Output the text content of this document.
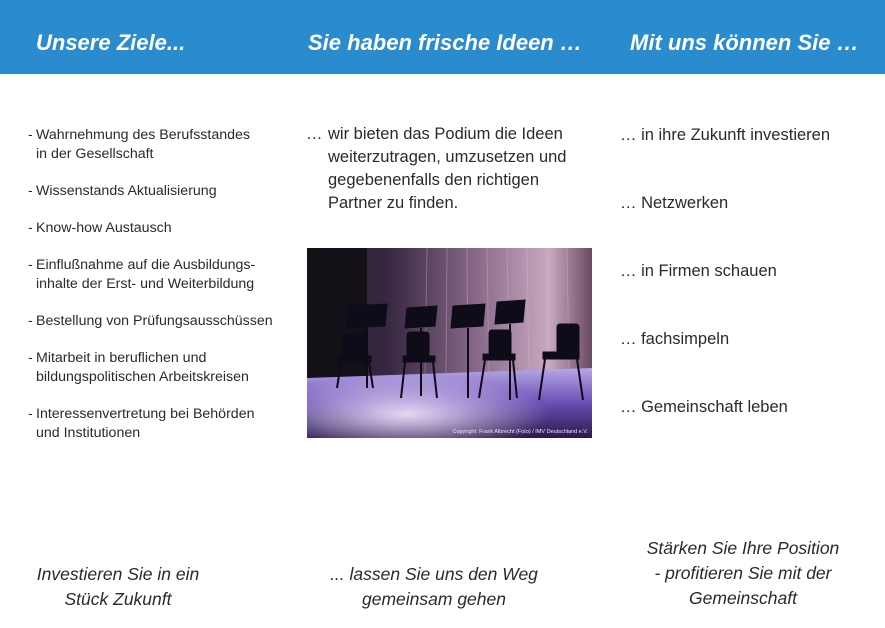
Unsere Ziele...	Sie haben frische Ideen … Mit uns können Sie …
- Wahrnehmung des Berufsstandes
in der Gesellschaft
- Wissenstands Aktualisierung
- Know-how Austausch
- Einflußnahme auf die Ausbildungs-
inhalte der Erst- und Weiterbildung
- Bestellung von Prüfungsausschüssen
- Mitarbeit in beruflichen und
bildungspolitischen Arbeitskreisen
- Interessenvertretung bei Behörden
und Institutionen
… wir bieten das Podium die Ideen
weiterzutragen, umzusetzen und
gegebenenfalls den richtigen
Partner zu finden.
Copyright: Frank Albrecht (Foto) / IMV Deutschland e.V.
… in ihre Zukunft investieren
… Netzwerken
… in Firmen schauen
… fachsimpeln
… Gemeinschaft leben
Investieren Sie in ein
Stück Zukunft
... lassen Sie uns den Weg
gemeinsam gehen
Stärken Sie Ihre Position
- profitieren Sie mit der
Gemeinschaft
